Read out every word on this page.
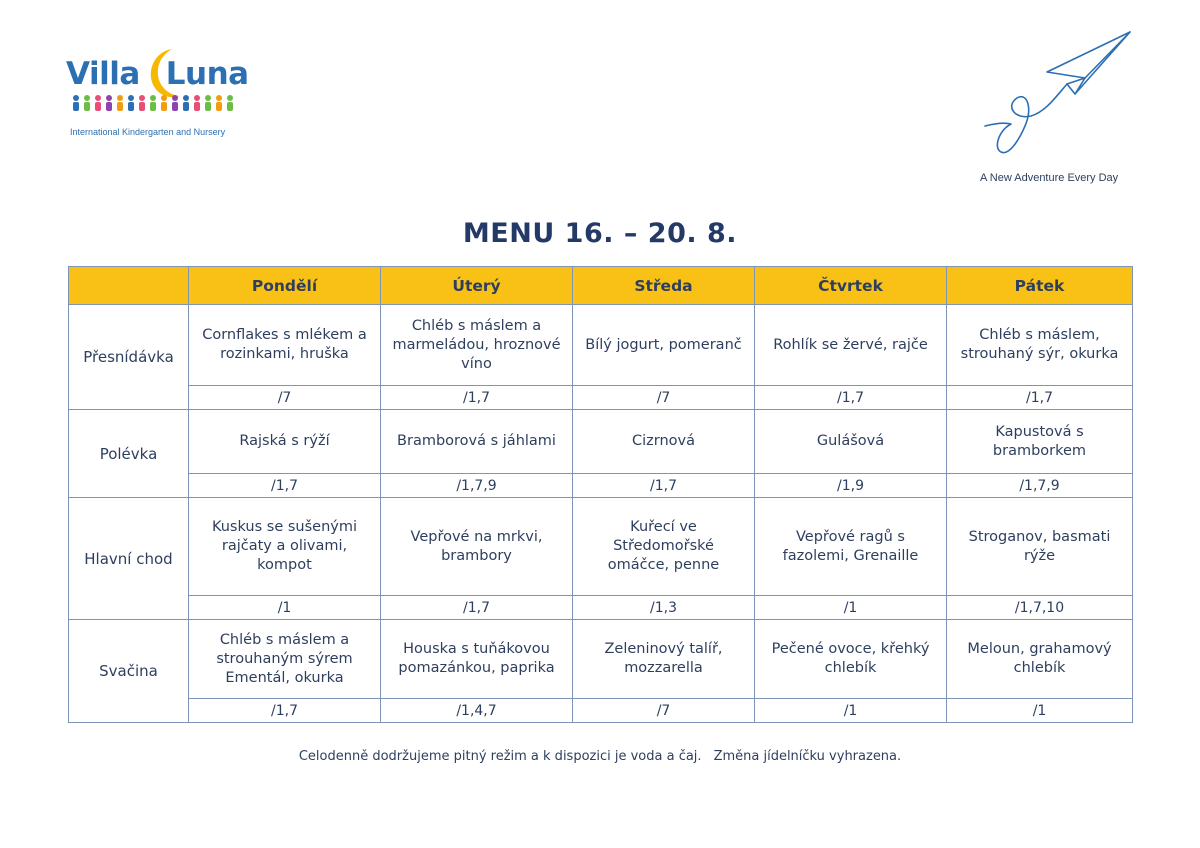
Villa Luna
International Kindergarten and Nursery
A New Adventure Every Day
MENU 16. – 20. 8.
	Pondělí	Úterý	Středa	Čtvrtek	Pátek
Přesnídávka	Cornflakes s mlékem a rozinkami, hruška	Chléb s máslem a marmeládou, hroznové víno	Bílý jogurt, pomeranč	Rohlík se žervé, rajče	Chléb s máslem, strouhaný sýr, okurka
	/7	/1,7	/7	/1,7	/1,7
Polévka	Rajská s rýží	Bramborová s jáhlami	Cizrnová	Gulášová	Kapustová s bramborkem
	/1,7	/1,7,9	/1,7	/1,9	/1,7,9
Hlavní chod	Kuskus se sušenými rajčaty a olivami, kompot	Vepřové na mrkvi, brambory	Kuřecí ve Středomořské omáčce, penne	Vepřové ragů s fazolemi, Grenaille	Stroganov, basmati rýže
	/1	/1,7	/1,3	/1	/1,7,10
Svačina	Chléb s máslem a strouhaným sýrem Ementál, okurka	Houska s tuňákovou pomazánkou, paprika	Zeleninový talíř, mozzarella	Pečené ovoce, křehký chlebík	Meloun, grahamový chlebík
	/1,7	/1,4,7	/7	/1	/1
Celodenně dodržujeme pitný režim a k dispozici je voda a čaj. Změna jídelníčku vyhrazena.
